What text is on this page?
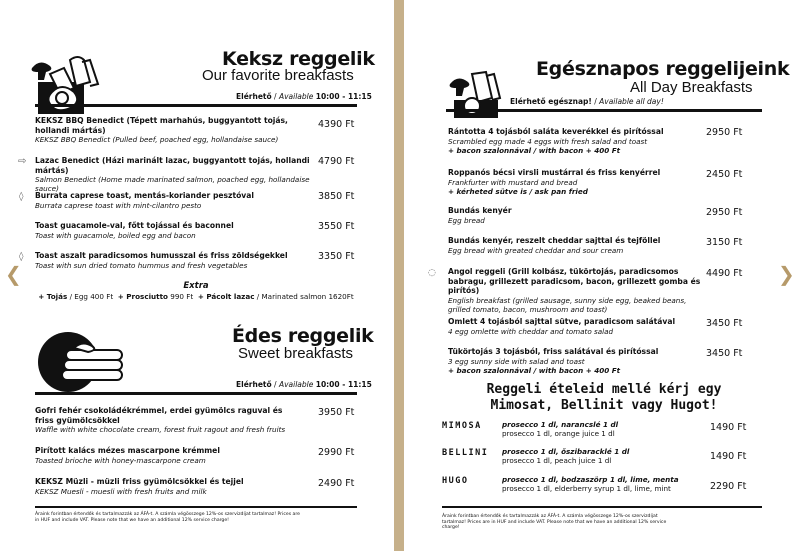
Keksz reggelik
Our favorite breakfasts
Elérhető / Available 10:00 - 11:15
KEKSZ BBQ Benedict (Tépett marhahús, buggyantott tojás, hollandi mártás)
KEKSZ BBQ Benedict (Pulled beef, poached egg, hollandaise sauce)
4390 Ft
⇨ Lazac Benedict (Házi marinált lazac, buggyantott tojás, hollandi mártás)
Salmon Benedict (Home made marinated salmon, poached egg, hollandaise sauce)
4790 Ft
◊ Burrata caprese toast, mentás-koriander pesztóval
Burrata caprese toast with mint-cilantro pesto
3850 Ft
Toast guacamole-val, főtt tojással és baconnel
Toast with guacamole, boiled egg and bacon
3550 Ft
◊ Toast aszalt paradicsomos humusszal és friss zöldségekkel
Toast with sun dried tomato hummus and fresh vegetables
3350 Ft
Extra
+ Tojás / Egg 400 Ft + Prosciutto 990 Ft + Pácolt lazac / Marinated salmon 1620Ft
Édes reggelik
Sweet breakfasts
Elérhető / Available 10:00 - 11:15
Gofri fehér csokoládékrémmel, erdei gyümölcs raguval és friss gyümölcsökkel
Waffle with white chocolate cream, forest fruit ragout and fresh fruits
3950 Ft
Pirított kalács mézes mascarpone krémmel
Toasted brioche with honey-mascarpone cream
2990 Ft
KEKSZ Müzli - müzli friss gyümölcsökkel és tejjel
KEKSZ Muesli - muesli with fresh fruits and milk
2490 Ft
Áraink forintban értendők és tartalmazzák az ÁFÁ-t. A számla végösszege 12%-os szervizdíjat tartalmaz! Prices are in HUF and include VAT. Please note that we have an additional 12% service charge!
Egésznapos reggelijeink
All Day Breakfasts
Elérhető egésznap! / Available all day!
Rántotta 4 tojásból saláta keverékkel és pirítóssal
Scrambled egg made 4 eggs with fresh salad and toast
+ bacon szalonnával / with bacon + 400 Ft
2950 Ft
Roppanós bécsi virsli mustárral és friss kenyérrel
Frankfurter with mustard and bread
+ kérheted sütve is / ask pan fried
2450 Ft
Bundás kenyér
Egg bread
2950 Ft
Bundás kenyér, reszelt cheddar sajttal és tejföllel
Egg bread with greated cheddar and sour cream
3150 Ft
◌ Angol reggeli (Grill kolbász, tükörtojás, paradicsomos babragu, grillezett paradicsom, bacon, grillezett gomba és pirítós)
English breakfast (grilled sausage, sunny side egg, beaked beans, grilled tomato, bacon, mushroom and toast)
4490 Ft
Omlett 4 tojásból sajttal sütve, paradicsom salátával
4 egg omlette with cheddar and tomato salad
3450 Ft
Tükörtojás 3 tojásból, friss salátával és pirítóssal
3 egg sunny side with salad and toast
+ bacon szalonnával / with bacon + 400 Ft
3450 Ft
Reggeli ételeid mellé kérj egy
Mimosat, Bellinit vagy Hugot!
MIMOSA	prosecco 1 dl, narancslé 1 dl
prosecco 1 dl, orange juice 1 dl
1490 Ft
BELLINI prosecco 1 dl, őszibaracklé 1 dl
prosecco 1 dl, peach juice 1 dl	1490 Ft
HUGO	prosecco 1 dl, bodzaszörp 1 dl, lime, menta
prosecco 1 dl, elderberry syrup 1 dl, lime, mint	2290 Ft
Áraink forintban értendők és tartalmazzák az ÁFÁ-t. A számla végösszege 12%-os szervizdíjat tartalmaz! Prices are in HUF and include VAT. Please note that we have an additional 12% service charge!
❮	❯
